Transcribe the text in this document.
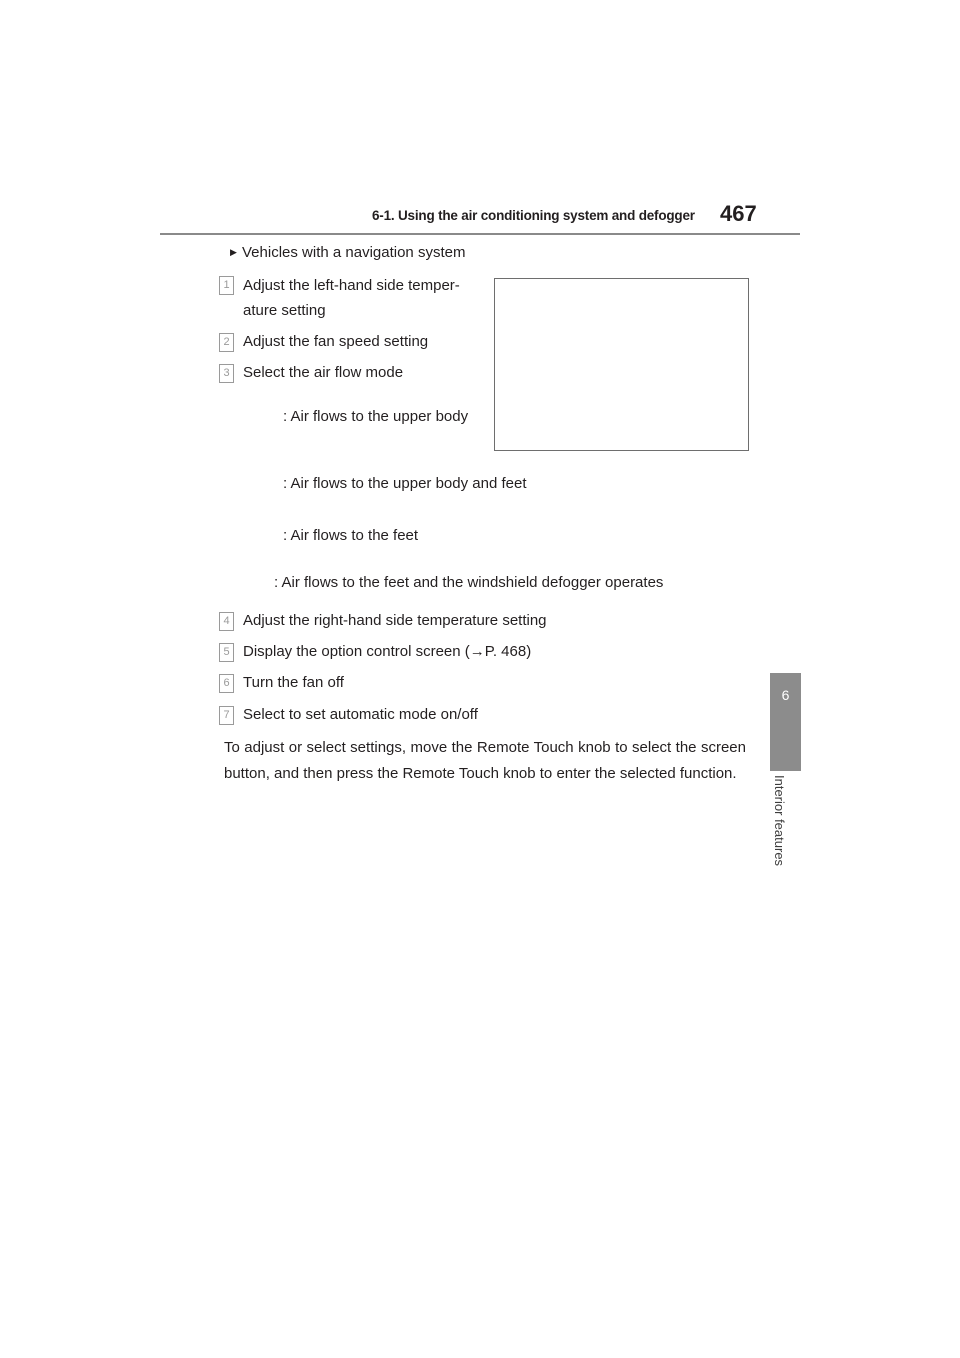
6-1. Using the air conditioning system and defogger 467
6
Interior features
▶ Vehicles with a navigation system
1 Adjust the left-hand side temper-
ature setting
2 Adjust the fan speed setting
3 Select the air flow mode
: Air flows to the upper body
: Air flows to the upper body and feet
: Air flows to the feet
: Air flows to the feet and the windshield defogger operates
4 Adjust the right-hand side temperature setting
5 Display the option control screen (→P. 468)
6 Turn the fan off
7 Select to set automatic mode on/off
To adjust or select settings, move the Remote Touch knob to select the screen button, and then press the Remote Touch knob to enter the selected function.
